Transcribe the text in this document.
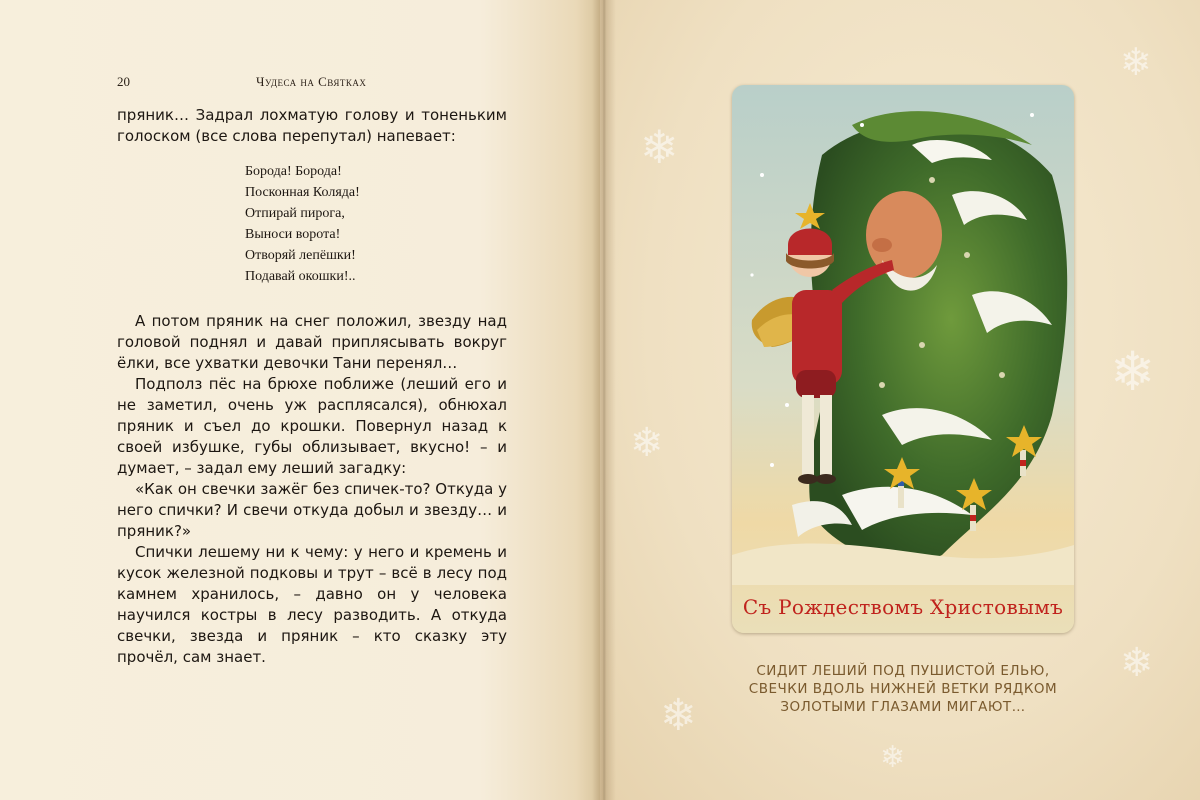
20	Чудеса на Святках

пряник… Задрал лохматую голову и тоненьким голоском (все слова перепутал) напевает:

Борода! Борода!
Посконная Коляда!
Отпирай пирога,
Выноси ворота!
Отворяй лепёшки!
Подавай окошки!..

А потом пряник на снег положил, звезду над головой поднял и давай приплясывать вокруг ёлки, все ухватки девочки Тани перенял…

Подполз пёс на брюхе поближе (леший его и не заметил, очень уж расплясался), обнюхал пряник и съел до крошки. Повернул назад к своей избушке, губы облизывает, вкусно! – и думает, – задал ему леший загадку:

«Как он свечки зажёг без спичек-то? Откуда у него спички? И свечи откуда добыл и звезду… и пряник?»

Спички лешему ни к чему: у него и кремень и кусок железной подковы и трут – всё в лесу под камнем хранилось, – давно он у человека научился костры в лесу разводить. А откуда свечки, звезда и пряник – кто сказку эту прочёл, сам знает.

❄
❄
❄
❄
❄
❄
❄
Съ Рождествомъ Христовымъ
СИДИТ ЛЕШИЙ ПОД ПУШИСТОЙ ЕЛЬЮ,
СВЕЧКИ ВДОЛЬ НИЖНЕЙ ВЕТКИ РЯДКОМ
ЗОЛОТЫМИ ГЛАЗАМИ МИГАЮТ…
